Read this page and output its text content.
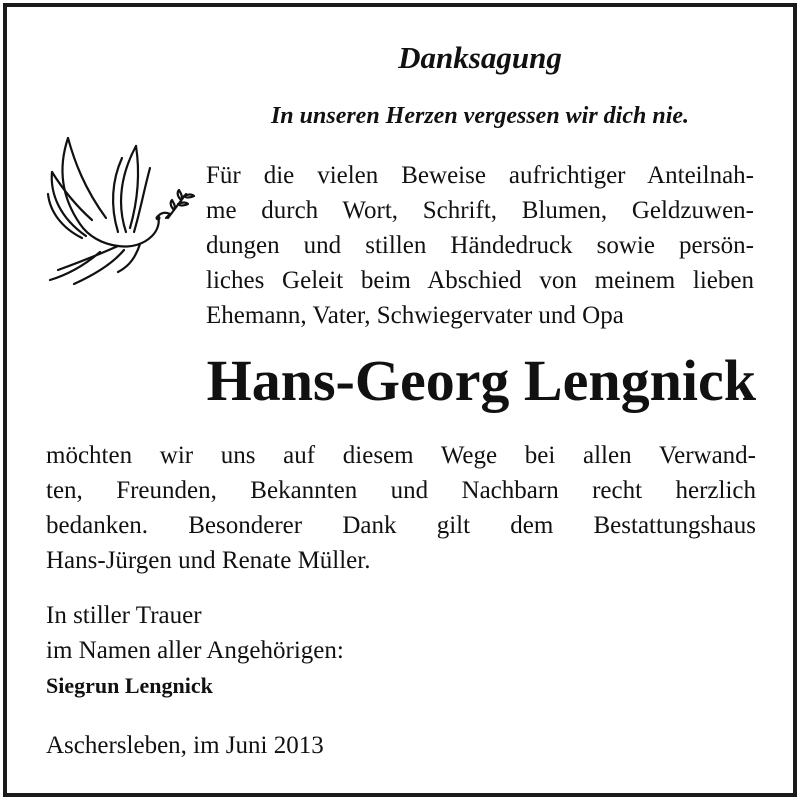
Danksagung
In unseren Herzen vergessen wir dich nie.
Für die vielen Beweise aufrichtiger Anteilnah-
me durch Wort, Schrift, Blumen, Geldzuwen-
dungen und stillen Händedruck sowie persön-
liches Geleit beim Abschied von meinem lieben
Ehemann, Vater, Schwiegervater und Opa
Hans-Georg Lengnick
möchten wir uns auf diesem Wege bei allen Verwand-
ten, Freunden, Bekannten und Nachbarn recht herzlich
bedanken. Besonderer Dank gilt dem Bestattungshaus
Hans-Jürgen und Renate Müller.
In stiller Trauer
im Namen aller Angehörigen:
Siegrun Lengnick
Aschersleben, im Juni 2013
